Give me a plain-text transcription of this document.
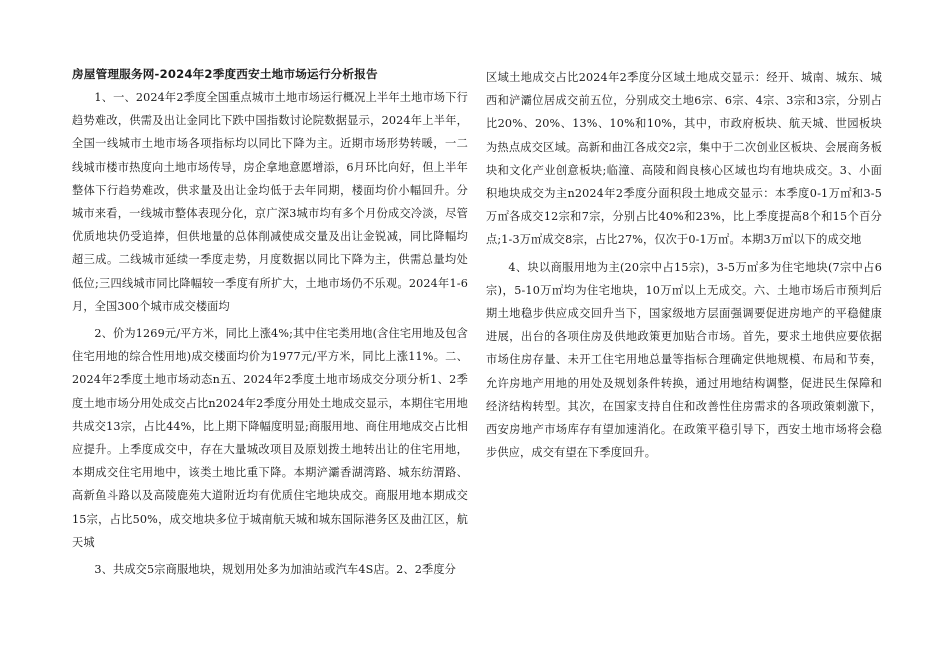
房屋管理服务网-2024年2季度西安土地市场运行分析报告

1、一、2024年2季度全国重点城市土地市场运行概况上半年土地市场下行趋势难改，供需及出让金同比下跌中国指数讨论院数据显示，2024年上半年，全国一线城市土地市场各项指标均以同比下降为主。近期市场形势转暖，一二线城市楼市热度向土地市场传导，房企拿地意愿增添，6月环比向好，但上半年整体下行趋势难改，供求量及出让金均低于去年同期，楼面均价小幅回升。分城市来看，一线城市整体表现分化，京广深3城市均有多个月份成交冷淡，尽管优质地块仍受追捧，但供地量的总体削减使成交量及出让金锐减，同比降幅均超三成。二线城市延续一季度走势，月度数据以同比下降为主，供需总量均处低位;三四线城市同比降幅较一季度有所扩大，土地市场仍不乐观。2024年1-6月，全国300个城市成交楼面均

2、价为1269元/平方米，同比上涨4%;其中住宅类用地(含住宅用地及包含住宅用地的综合性用地)成交楼面均价为1977元/平方米，同比上涨11%。二、2024年2季度土地市场动态n五、2024年2季度土地市场成交分项分析1、2季度土地市场分用处成交占比n2024年2季度分用处土地成交显示，本期住宅用地共成交13宗，占比44%，比上期下降幅度明显;商服用地、商住用地成交占比相应提升。上季度成交中，存在大量城改项目及原划拨土地转出让的住宅用地，本期成交住宅用地中，该类土地比重下降。本期浐灞香湖湾路、城东纺渭路、高新鱼斗路以及高陵鹿苑大道附近均有优质住宅地块成交。商服用地本期成交15宗，占比50%，成交地块多位于城南航天城和城东国际港务区及曲江区，航天城

3、共成交5宗商服地块，规划用处多为加油站或汽车4S店。2、2季度分

区域土地成交占比2024年2季度分区域土地成交显示：经开、城南、城东、城西和浐灞位居成交前五位，分别成交土地6宗、6宗、4宗、3宗和3宗，分别占比20%、20%、13%、10%和10%，其中，市政府板块、航天城、世园板块为热点成交区域。高新和曲江各成交2宗，集中于二次创业区板块、会展商务板块和文化产业创意板块;临潼、高陵和阎良核心区域也均有地块成交。3、小面积地块成交为主n2024年2季度分面积段土地成交显示：本季度0-1万㎡和3-5万㎡各成交12宗和7宗，分别占比40%和23%，比上季度提高8个和15个百分点;1-3万㎡成交8宗，占比27%，仅次于0-1万㎡。本期3万㎡以下的成交地

4、块以商服用地为主(20宗中占15宗)，3-5万㎡多为住宅地块(7宗中占6宗)，5-10万㎡均为住宅地块，10万㎡以上无成交。六、土地市场后市预判后期土地稳步供应成交回升当下，国家级地方层面强调要促进房地产的平稳健康进展，出台的各项住房及供地政策更加贴合市场。首先，要求土地供应要依据市场住房存量、未开工住宅用地总量等指标合理确定供地规模、布局和节奏，允许房地产用地的用处及规划条件转换，通过用地结构调整，促进民生保障和经济结构转型。其次，在国家支持自住和改善性住房需求的各项政策刺激下，西安房地产市场库存有望加速消化。在政策平稳引导下，西安土地市场将会稳步供应，成交有望在下季度回升。
